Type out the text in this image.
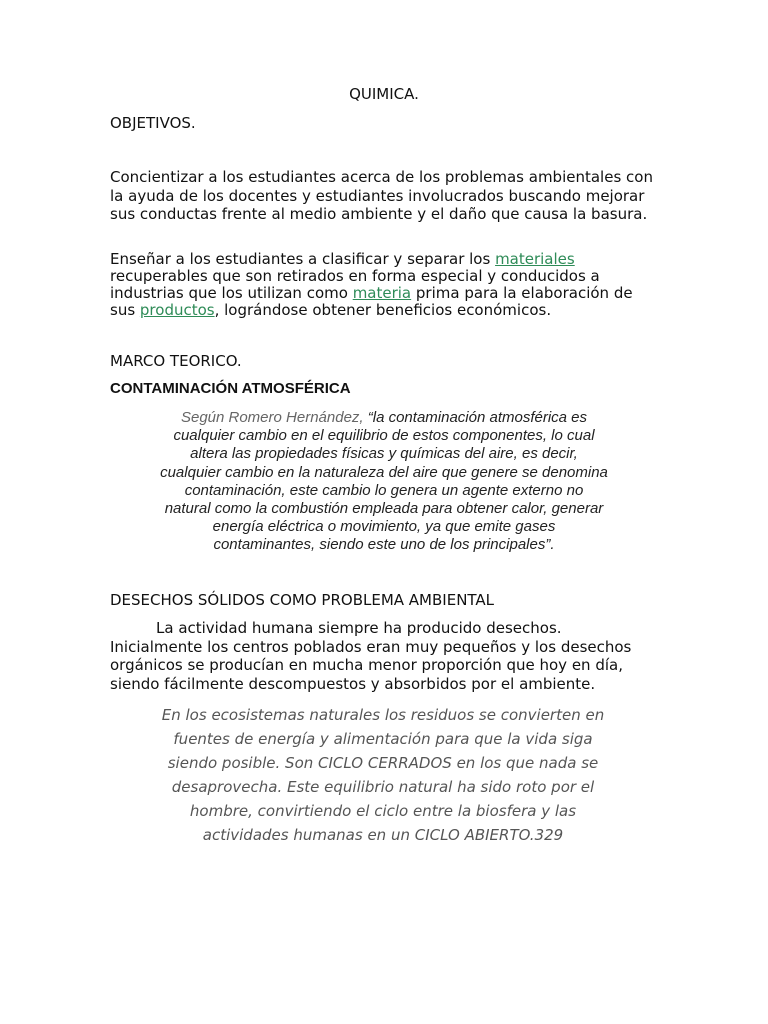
QUIMICA.

OBJETIVOS.

Concientizar a los estudiantes acerca de los problemas ambientales con la ayuda de los docentes y estudiantes involucrados buscando mejorar sus conductas frente al medio ambiente y el daño que causa la basura.

Enseñar a los estudiantes a clasificar y separar los materiales recuperables que son retirados en forma especial y conducidos a industrias que los utilizan como materia prima para la elaboración de sus productos, lográndose obtener beneficios económicos.

MARCO TEORICO.

CONTAMINACIÓN ATMOSFÉRICA

Según Romero Hernández, “la contaminación atmosférica es cualquier cambio en el equilibrio de estos componentes, lo cual altera las propiedades físicas y químicas del aire, es decir, cualquier cambio en la naturaleza del aire que genere se denomina contaminación, este cambio lo genera un agente externo no natural como la combustión empleada para obtener calor, generar energía eléctrica o movimiento, ya que emite gases contaminantes, siendo este uno de los principales”.

DESECHOS SÓLIDOS COMO PROBLEMA AMBIENTAL

La actividad humana siempre ha producido desechos. Inicialmente los centros poblados eran muy pequeños y los desechos orgánicos se producían en mucha menor proporción que hoy en día, siendo fácilmente descompuestos y absorbidos por el ambiente.

En los ecosistemas naturales los residuos se convierten en fuentes de energía y alimentación para que la vida siga siendo posible. Son CICLO CERRADOS en los que nada se desaprovecha. Este equilibrio natural ha sido roto por el hombre, convirtiendo el ciclo entre la biosfera y las actividades humanas en un CICLO ABIERTO.329
